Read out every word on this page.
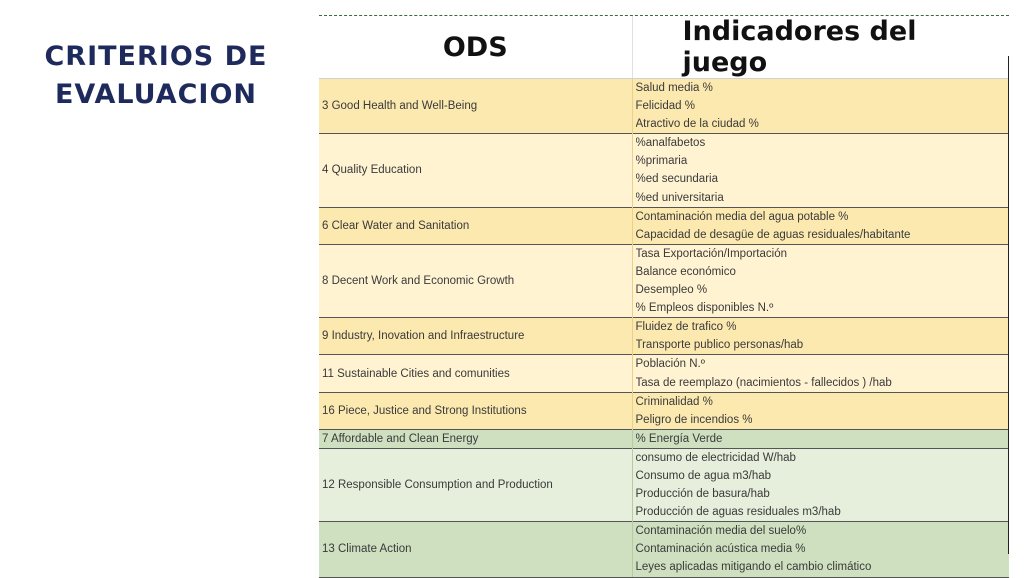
CRITERIOS DE
EVALUACION
ODS	Indicadores del juego
3 Good Health and Well-Being	Salud media %
Felicidad %
Atractivo de la ciudad %

4 Quality Education	%analfabetos
%primaria
%ed secundaria
%ed universitaria

6 Clear Water and Sanitation	Contaminación media del agua potable %
Capacidad de desagüe de aguas residuales/habitante

8 Decent Work and Economic Growth	Tasa Exportación/Importación
Balance económico
Desempleo %
% Empleos disponibles N.º

9 Industry, Inovation and Infraestructure	Fluidez de trafico %
Transporte publico personas/hab

11 Sustainable Cities and comunities	Población N.º
Tasa de reemplazo (nacimientos - fallecidos ) /hab

16 Piece, Justice and Strong Institutions	Criminalidad %
Peligro de incendios %

7 Affordable and Clean Energy	% Energía Verde

12 Responsible Consumption and Production	consumo de electricidad W/hab
Consumo de agua m3/hab
Producción de basura/hab
Producción de aguas residuales m3/hab

13 Climate Action	Contaminación media del suelo%
Contaminación acústica media %
Leyes aplicadas mitigando el cambio climático
